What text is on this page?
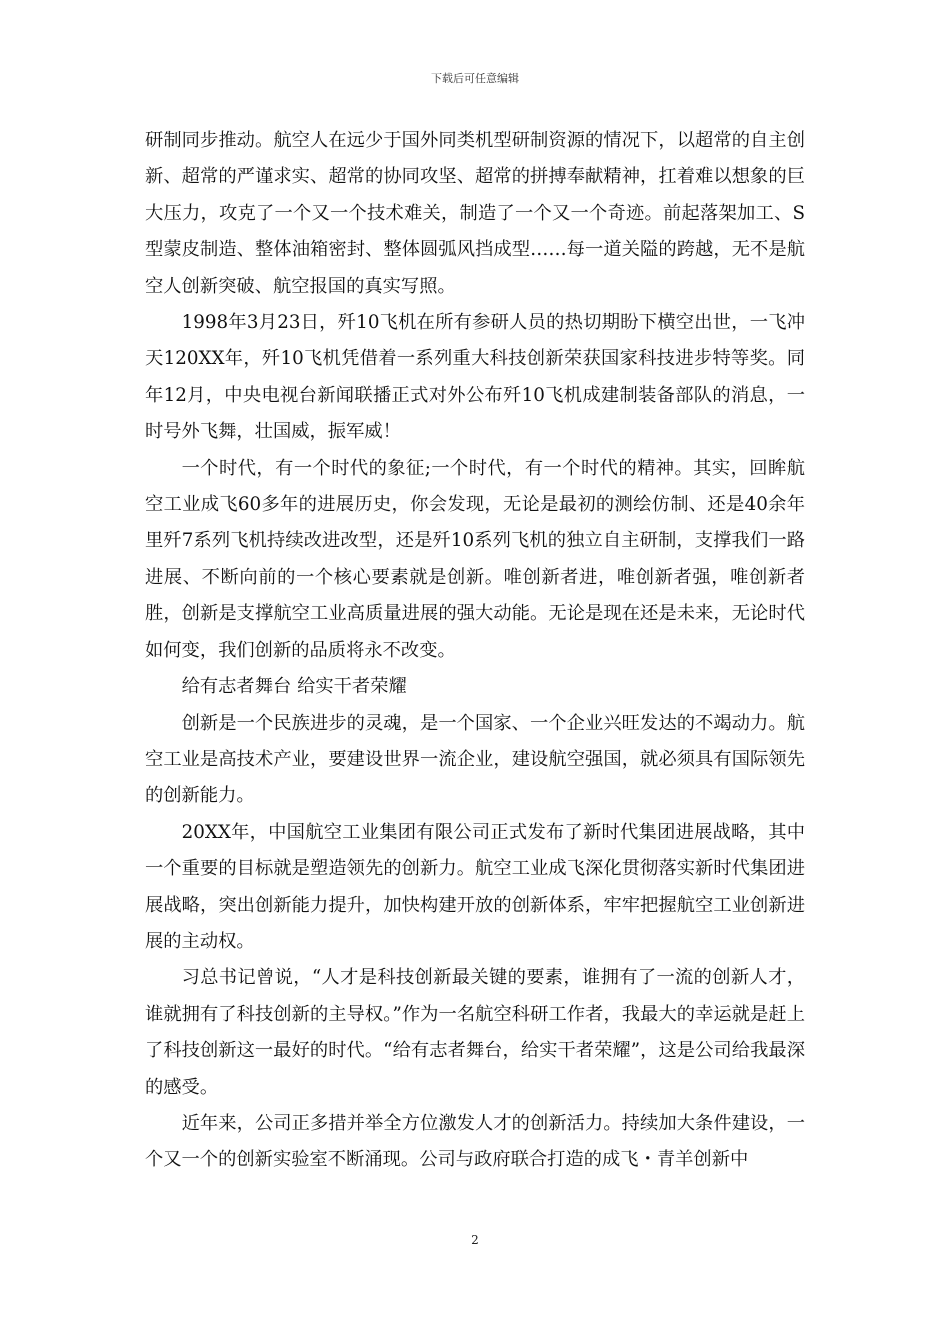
下载后可任意编辑

研制同步推动。航空人在远少于国外同类机型研制资源的情况下，以超常的自主创新、超常的严谨求实、超常的协同攻坚、超常的拼搏奉献精神，扛着难以想象的巨大压力，攻克了一个又一个技术难关，制造了一个又一个奇迹。前起落架加工、S型蒙皮制造、整体油箱密封、整体圆弧风挡成型……每一道关隘的跨越，无不是航空人创新突破、航空报国的真实写照。

1998年3月23日，歼10飞机在所有参研人员的热切期盼下横空出世，一飞冲天120XX年，歼10飞机凭借着一系列重大科技创新荣获国家科技进步特等奖。同年12月，中央电视台新闻联播正式对外公布歼10飞机成建制装备部队的消息，一时号外飞舞，壮国威，振军威！

一个时代，有一个时代的象征;一个时代，有一个时代的精神。其实，回眸航空工业成飞60多年的进展历史，你会发现，无论是最初的测绘仿制、还是40余年里歼7系列飞机持续改进改型，还是歼10系列飞机的独立自主研制，支撑我们一路进展、不断向前的一个核心要素就是创新。唯创新者进，唯创新者强，唯创新者胜，创新是支撑航空工业高质量进展的强大动能。无论是现在还是未来，无论时代如何变，我们创新的品质将永不改变。

给有志者舞台 给实干者荣耀

创新是一个民族进步的灵魂，是一个国家、一个企业兴旺发达的不竭动力。航空工业是高技术产业，要建设世界一流企业，建设航空强国，就必须具有国际领先的创新能力。

20XX年，中国航空工业集团有限公司正式发布了新时代集团进展战略，其中一个重要的目标就是塑造领先的创新力。航空工业成飞深化贯彻落实新时代集团进展战略，突出创新能力提升，加快构建开放的创新体系，牢牢把握航空工业创新进展的主动权。

习总书记曾说，“人才是科技创新最关键的要素，谁拥有了一流的创新人才，谁就拥有了科技创新的主导权。”作为一名航空科研工作者，我最大的幸运就是赶上了科技创新这一最好的时代。“给有志者舞台，给实干者荣耀”，这是公司给我最深的感受。

近年来，公司正多措并举全方位激发人才的创新活力。持续加大条件建设，一个又一个的创新实验室不断涌现。公司与政府联合打造的成飞・青羊创新中

2
